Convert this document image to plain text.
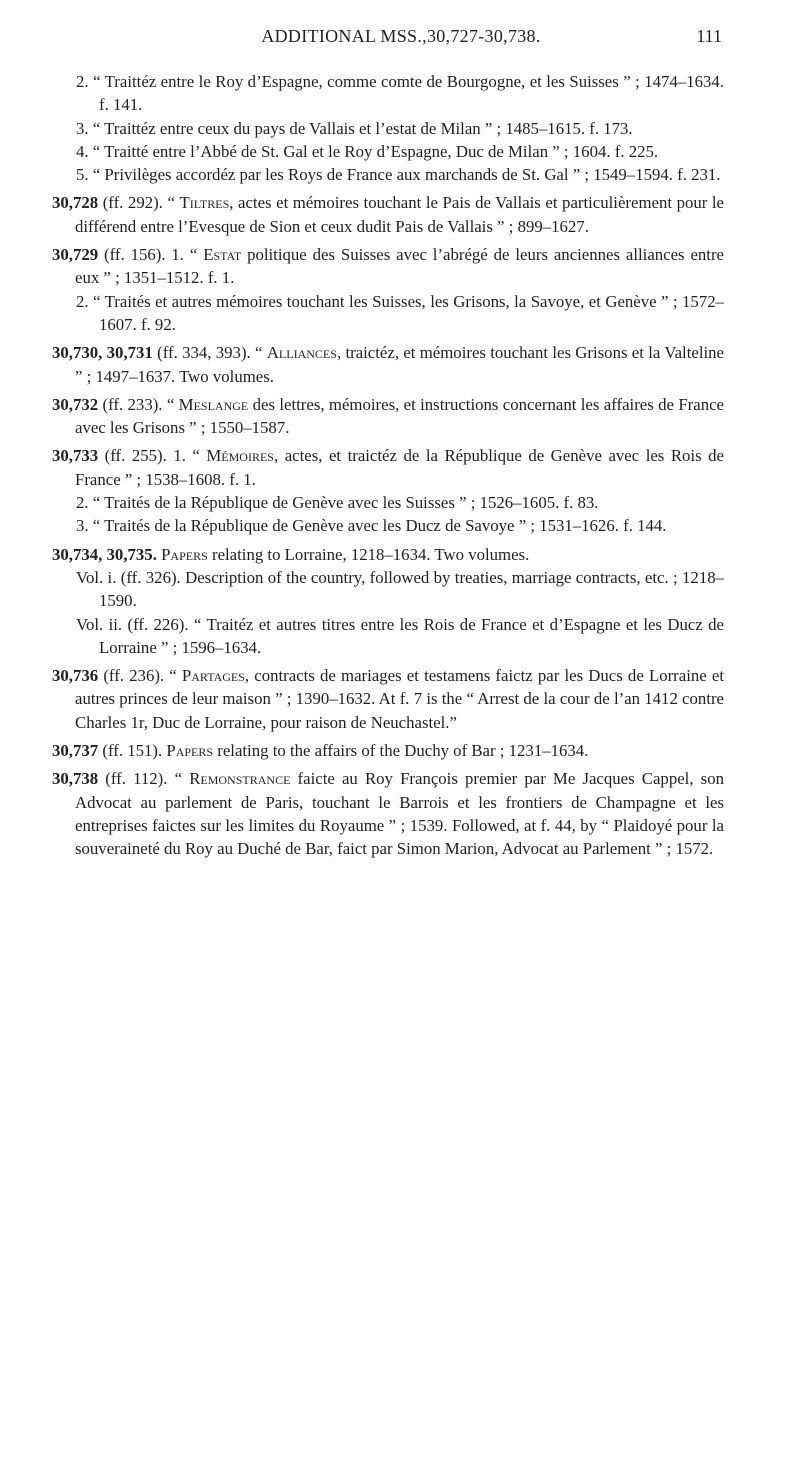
ADDITIONAL MSS.,30,727-30,738.	111

2. “ Traittéz entre le Roy d’Espagne, comme comte de Bourgogne, et les Suisses ” ; 1474–1634. f. 141.

3. “ Traittéz entre ceux du pays de Vallais et l’estat de Milan ” ; 1485–1615. f. 173.

4. “ Traitté entre l’Abbé de St. Gal et le Roy d’Espagne, Duc de Milan ” ; 1604. f. 225.

5. “ Privilèges accordéz par les Roys de France aux marchands de St. Gal ” ; 1549–1594. f. 231.

30,728 (ff. 292). “ Tiltres, actes et mémoires touchant le Pais de Vallais et particulièrement pour le différend entre l’Evesque de Sion et ceux dudit Pais de Vallais ” ; 899–1627.

30,729 (ff. 156). 1. “ Estat politique des Suisses avec l’abrégé de leurs anciennes alliances entre eux ” ; 1351–1512. f. 1.

2. “ Traités et autres mémoires touchant les Suisses, les Grisons, la Savoye, et Genève ” ; 1572–1607. f. 92.

30,730, 30,731 (ff. 334, 393). “ Alliances, traictéz, et mémoires touchant les Grisons et la Valteline ” ; 1497–1637. Two volumes.

30,732 (ff. 233). “ Meslange des lettres, mémoires, et instructions concernant les affaires de France avec les Grisons ” ; 1550–1587.

30,733 (ff. 255). 1. “ Mémoires, actes, et traictéz de la République de Genève avec les Rois de France ” ; 1538–1608. f. 1.

2. “ Traités de la République de Genève avec les Suisses ” ; 1526–1605. f. 83.

3. “ Traités de la République de Genève avec les Ducz de Savoye ” ; 1531–1626. f. 144.

30,734, 30,735. Papers relating to Lorraine, 1218–1634. Two volumes.

Vol. i. (ff. 326). Description of the country, followed by treaties, marriage contracts, etc. ; 1218–1590.

Vol. ii. (ff. 226). “ Traitéz et autres titres entre les Rois de France et d’Espagne et les Ducz de Lorraine ” ; 1596–1634.

30,736 (ff. 236). “ Partages, contracts de mariages et testamens faictz par les Ducs de Lorraine et autres princes de leur maison ” ; 1390–1632. At f. 7 is the “ Arrest de la cour de l’an 1412 contre Charles 1r, Duc de Lorraine, pour raison de Neuchastel.”

30,737 (ff. 151). Papers relating to the affairs of the Duchy of Bar ; 1231–1634.

30,738 (ff. 112). “ Remonstrance faicte au Roy François premier par Me Jacques Cappel, son Advocat au parlement de Paris, touchant le Barrois et les frontiers de Champagne et les entreprises faictes sur les limites du Royaume ” ; 1539. Followed, at f. 44, by “ Plaidoyé pour la souveraineté du Roy au Duché de Bar, faict par Simon Marion, Advocat au Parlement ” ; 1572.
